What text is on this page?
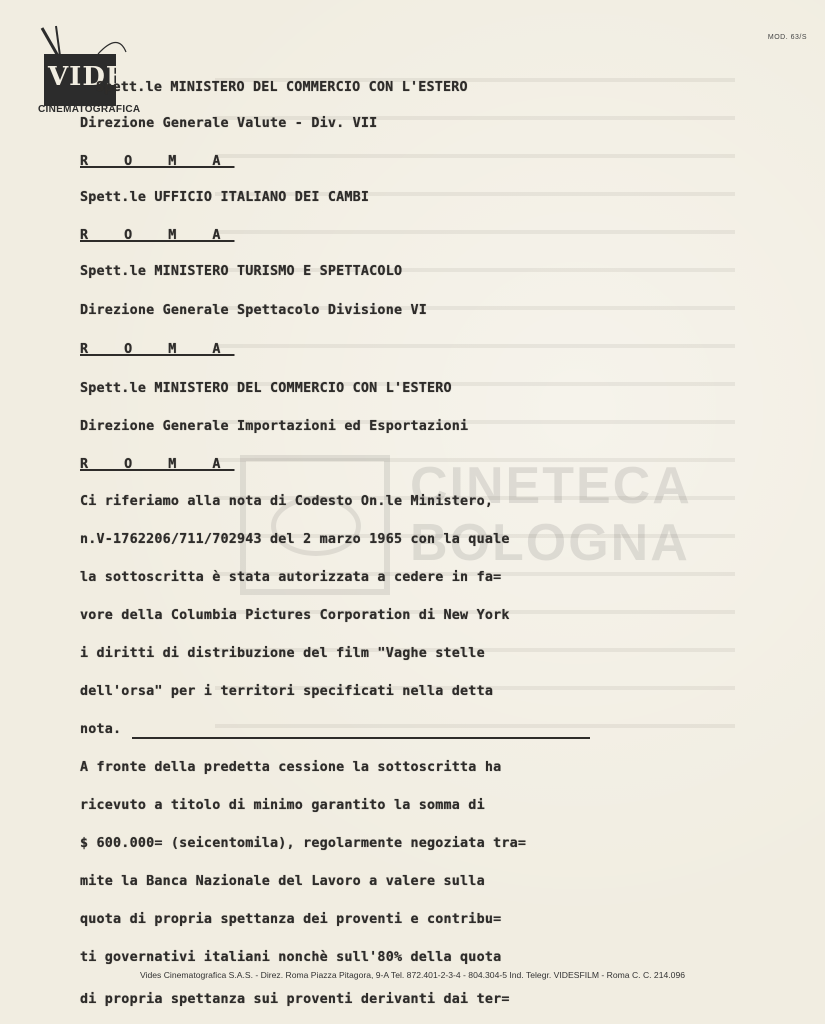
VIDE
CINEMATOGRAFICA
MOD. 63/S
Spett.le MINISTERO DEL COMMERCIO CON L'ESTERO
Direzione Generale Valute - Div. VII
R O M A
Spett.le UFFICIO ITALIANO DEI CAMBI
R O M A
Spett.le MINISTERO TURISMO E SPETTACOLO
Direzione Generale Spettacolo Divisione VI
R O M A
Spett.le MINISTERO DEL COMMERCIO CON L'ESTERO
Direzione Generale Importazioni ed Esportazioni
R O M A	CINETECA
BOLOGNA
Ci riferiamo alla nota di Codesto On.le Ministero,
n.V-1762206/711/702943 del 2 marzo 1965 con la quale
la sottoscritta è stata autorizzata a cedere in fa=
vore della Columbia Pictures Corporation di New York
i diritti di distribuzione del film "Vaghe stelle
dell'orsa" per i territori specificati nella detta
nota.
A fronte della predetta cessione la sottoscritta ha
ricevuto a titolo di minimo garantito la somma di
$ 600.000= (seicentomila), regolarmente negoziata tra=
mite la Banca Nazionale del Lavoro a valere sulla
quota di propria spettanza dei proventi e contribu=
ti governativi italiani nonchè sull'80% della quota
Vides Cinematografica S.A.S. - Direz. Roma Piazza Pitagora, 9-A Tel. 872.401-2-3-4 - 804.304-5 Ind. Telegr. VIDESFILM - Roma C. C. 214.096
di propria spettanza sui proventi derivanti dai ter=
